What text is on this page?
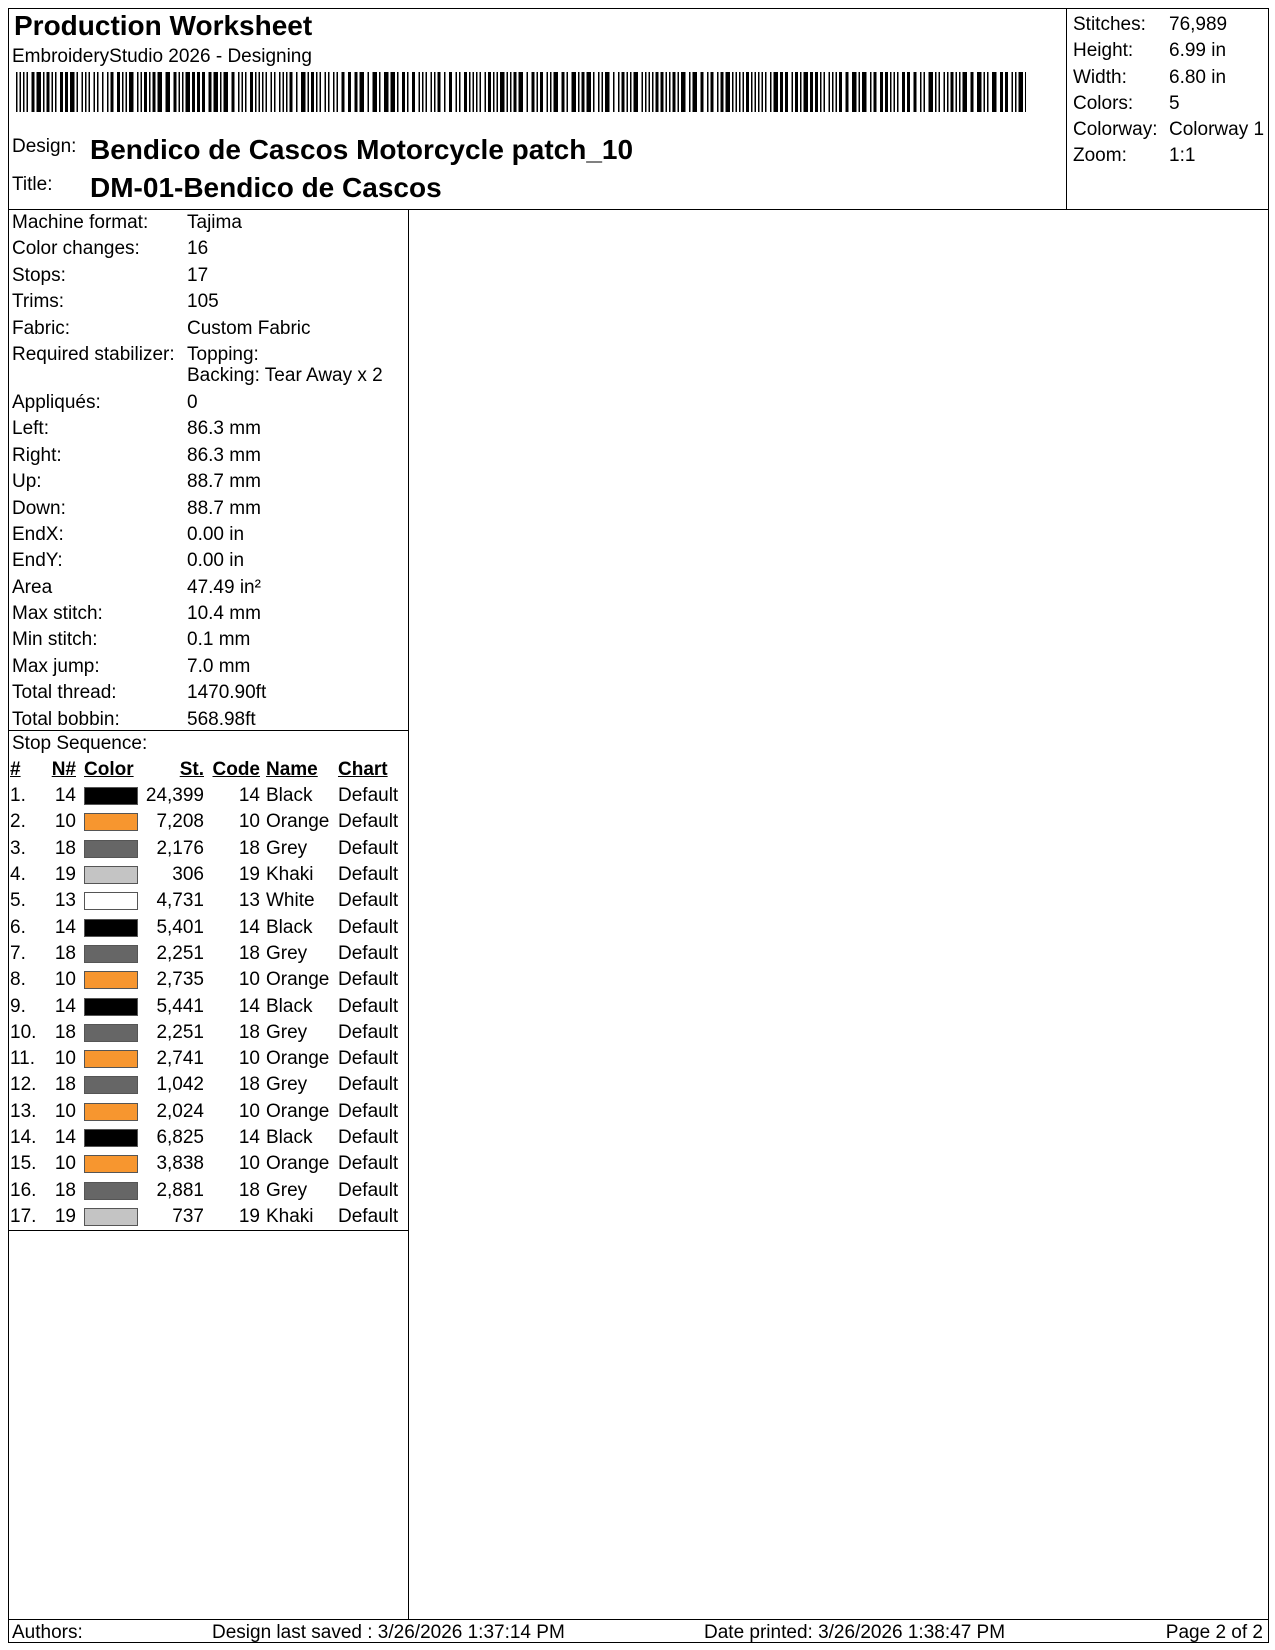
Production Worksheet
EmbroideryStudio 2026 - Designing
Design: Bendico de Cascos Motorcycle patch_10
Title: DM-01-Bendico de Cascos
Stitches:	76,989
Height:	6.99 in
Width:	6.80 in
Colors:	5
Colorway: Colorway 1
Zoom:	1:1
Machine format:	Tajima
Color changes:	16
Stops:	17
Trims:	105
Fabric:	Custom Fabric
Required stabilizer: Topping:
Backing: Tear Away x 2
Appliqués:	0
Left:	86.3 mm
Right:	86.3 mm
Up:	88.7 mm
Down:	88.7 mm
EndX:	0.00 in
EndY:	0.00 in
Area	47.49 in²
Max stitch:	10.4 mm
Min stitch:	0.1 mm
Max jump:	7.0 mm
Total thread:	1470.90ft
Total bobbin:	568.98ft
Stop Sequence:
#	N#	Color	St.	Code	Name	Chart
1.	14		24,399	14	Black	Default
2.	10		7,208	10	Orange	Default
3.	18		2,176	18	Grey	Default
4.	19		306	19	Khaki	Default
5.	13		4,731	13	White	Default
6.	14		5,401	14	Black	Default
7.	18		2,251	18	Grey	Default
8.	10		2,735	10	Orange	Default
9.	14		5,441	14	Black	Default
10.	18		2,251	18	Grey	Default
11.	10		2,741	10	Orange	Default
12.	18		1,042	18	Grey	Default
13.	10		2,024	10	Orange	Default
14.	14		6,825	14	Black	Default
15.	10		3,838	10	Orange	Default
16.	18		2,881	18	Grey	Default
17.	19		737	19	Khaki	Default
Authors:	Design last saved : 3/26/2026 1:37:14 PM	Date printed: 3/26/2026 1:38:47 PM	Page 2 of 2
